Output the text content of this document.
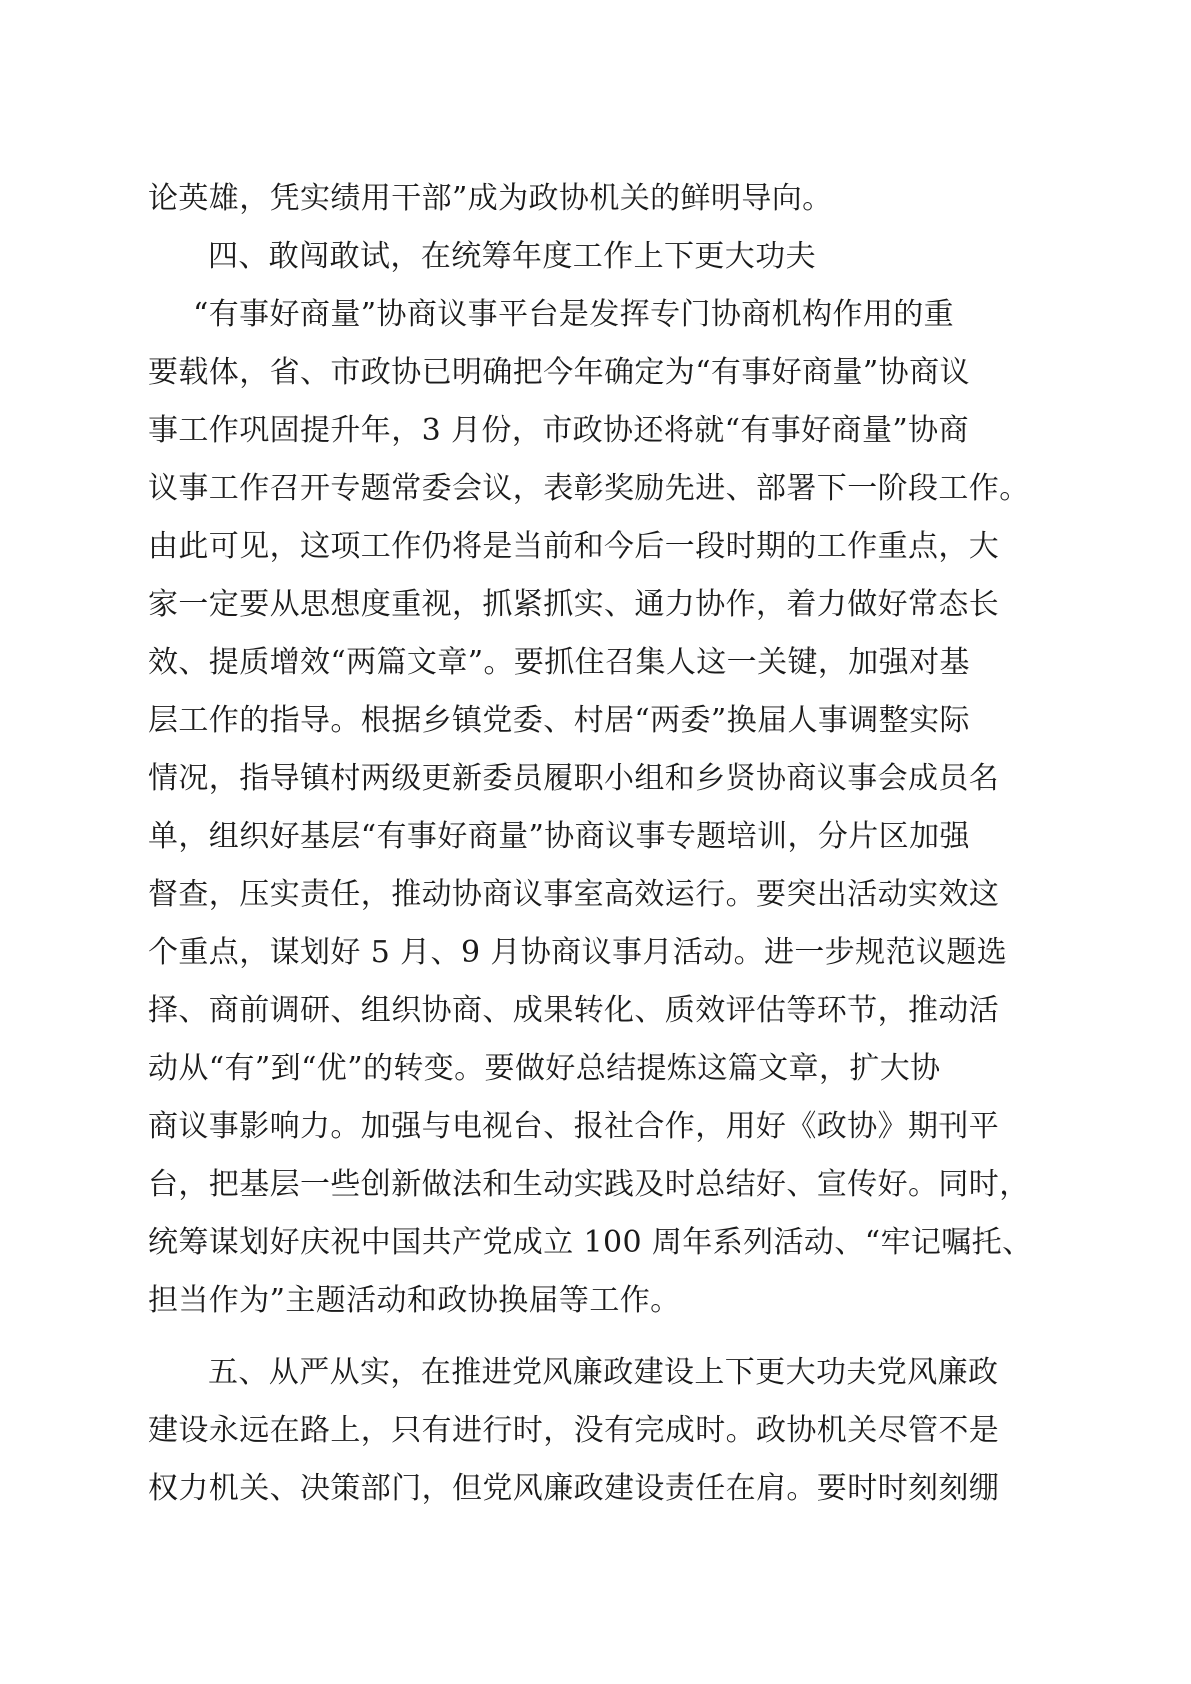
论英雄，凭实绩用干部”成为政协机关的鲜明导向。
四、敢闯敢试，在统筹年度工作上下更大功夫
“有事好商量”协商议事平台是发挥专门协商机构作用的重
要载体，省、市政协已明确把今年确定为“有事好商量”协商议
事工作巩固提升年，3 月份，市政协还将就“有事好商量”协商
议事工作召开专题常委会议，表彰奖励先进、部署下一阶段工作。
由此可见，这项工作仍将是当前和今后一段时期的工作重点，大
家一定要从思想度重视，抓紧抓实、通力协作，着力做好常态长
效、提质增效“两篇文章”。要抓住召集人这一关键，加强对基
层工作的指导。根据乡镇党委、村居“两委”换届人事调整实际
情况，指导镇村两级更新委员履职小组和乡贤协商议事会成员名
单，组织好基层“有事好商量”协商议事专题培训，分片区加强
督查，压实责任，推动协商议事室高效运行。要突出活动实效这
个重点，谋划好 5 月、9 月协商议事月活动。进一步规范议题选
择、商前调研、组织协商、成果转化、质效评估等环节，推动活
动从“有”到“优”的转变。要做好总结提炼这篇文章，扩大协
商议事影响力。加强与电视台、报社合作，用好《政协》期刊平
台，把基层一些创新做法和生动实践及时总结好、宣传好。同时，
统筹谋划好庆祝中国共产党成立 100 周年系列活动、“牢记嘱托、
担当作为”主题活动和政协换届等工作。
五、从严从实，在推进党风廉政建设上下更大功夫党风廉政
建设永远在路上，只有进行时，没有完成时。政协机关尽管不是
权力机关、决策部门，但党风廉政建设责任在肩。要时时刻刻绷
